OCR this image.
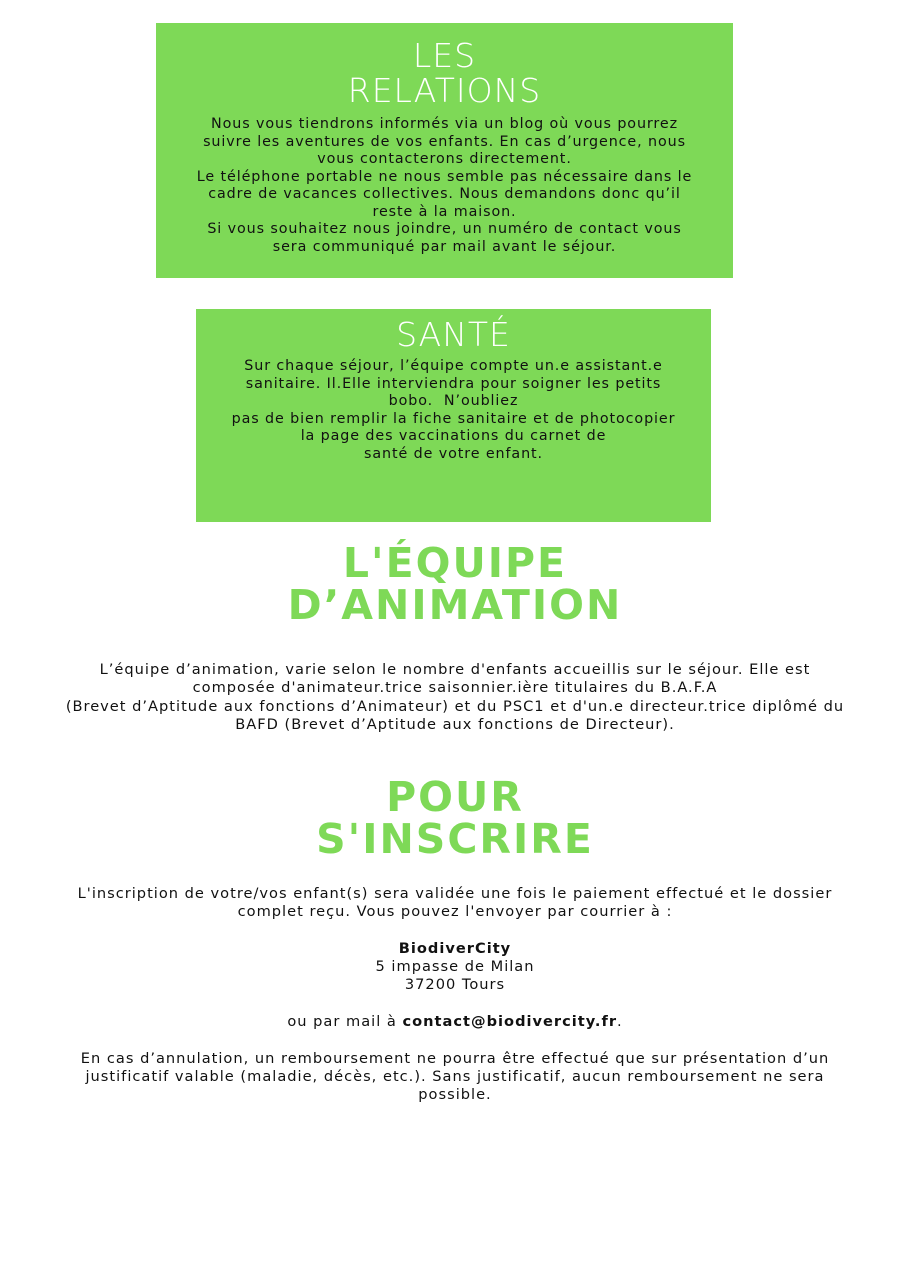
LES
RELATIONS

Nous vous tiendrons informés via un blog où vous pourrez
suivre les aventures de vos enfants. En cas d’urgence, nous
vous contacterons directement.
Le téléphone portable ne nous semble pas nécessaire dans le
cadre de vacances collectives. Nous demandons donc qu’il
reste à la maison.
Si vous souhaitez nous joindre, un numéro de contact vous
sera communiqué par mail avant le séjour.

SANTÉ

Sur chaque séjour, l’équipe compte un.e assistant.e
sanitaire. Il.Elle interviendra pour soigner les petits
bobo.  N’oubliez
pas de bien remplir la fiche sanitaire et de photocopier
la page des vaccinations du carnet de
santé de votre enfant.

L'ÉQUIPE
D’ANIMATION

L’équipe d’animation, varie selon le nombre d'enfants accueillis sur le séjour. Elle est
composée d'animateur.trice saisonnier.ière titulaires du B.A.F.A
(Brevet d’Aptitude aux fonctions d’Animateur) et du PSC1 et d'un.e directeur.trice diplômé du
BAFD (Brevet d’Aptitude aux fonctions de Directeur).

POUR
S'INSCRIRE
L'inscription de votre/vos enfant(s) sera validée une fois le paiement effectué et le dossier
complet reçu. Vous pouvez l'envoyer par courrier à :
BiodiverCity
5 impasse de Milan
37200 Tours
ou par mail à contact@biodivercity.fr.
En cas d’annulation, un remboursement ne pourra être effectué que sur présentation d’un
justificatif valable (maladie, décès, etc.). Sans justificatif, aucun remboursement ne sera
possible.
